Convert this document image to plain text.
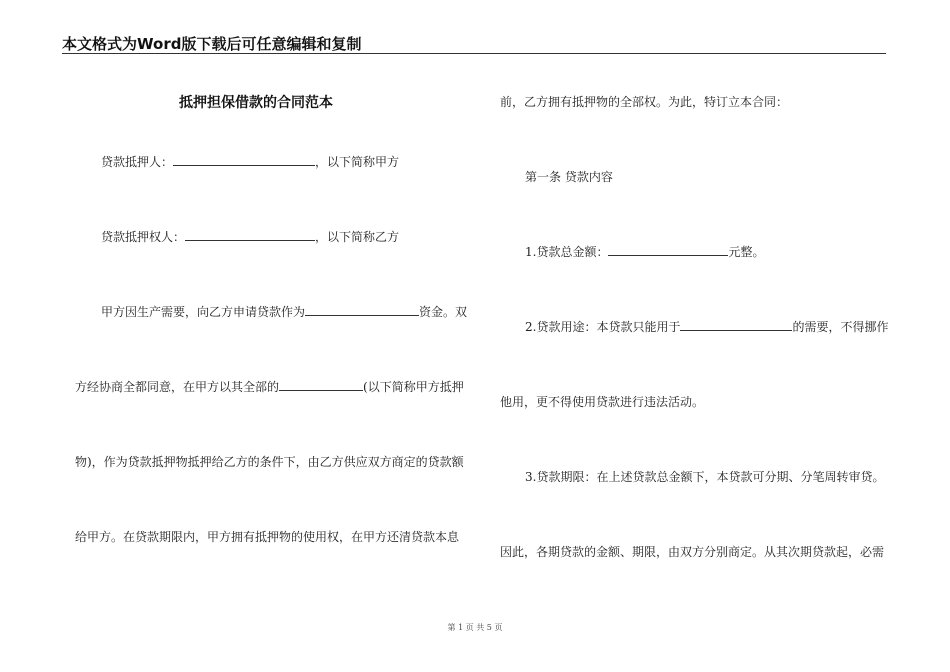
本文格式为Word版下载后可任意编辑和复制
抵押担保借款的合同范本
贷款抵押人：	，以下简称甲方
贷款抵押权人：	，以下简称乙方
甲方因生产需要，向乙方申请贷款作为	资金。双
方经协商全都同意，在甲方以其全部的	(以下简称甲方抵押
物)，作为贷款抵押物抵押给乙方的条件下，由乙方供应双方商定的贷款额
给甲方。在贷款期限内，甲方拥有抵押物的使用权，在甲方还清贷款本息
前，乙方拥有抵押物的全部权。为此，特订立本合同：
第一条 贷款内容
1.贷款总金额：	元整。
2.贷款用途：本贷款只能用于	的需要，不得挪作
他用，更不得使用贷款进行违法活动。
3.贷款期限：在上述贷款总金额下，本贷款可分期、分笔周转审贷。
因此，各期贷款的金额、期限，由双方分别商定。从其次期贷款起，必需
第 1 页 共 5 页
